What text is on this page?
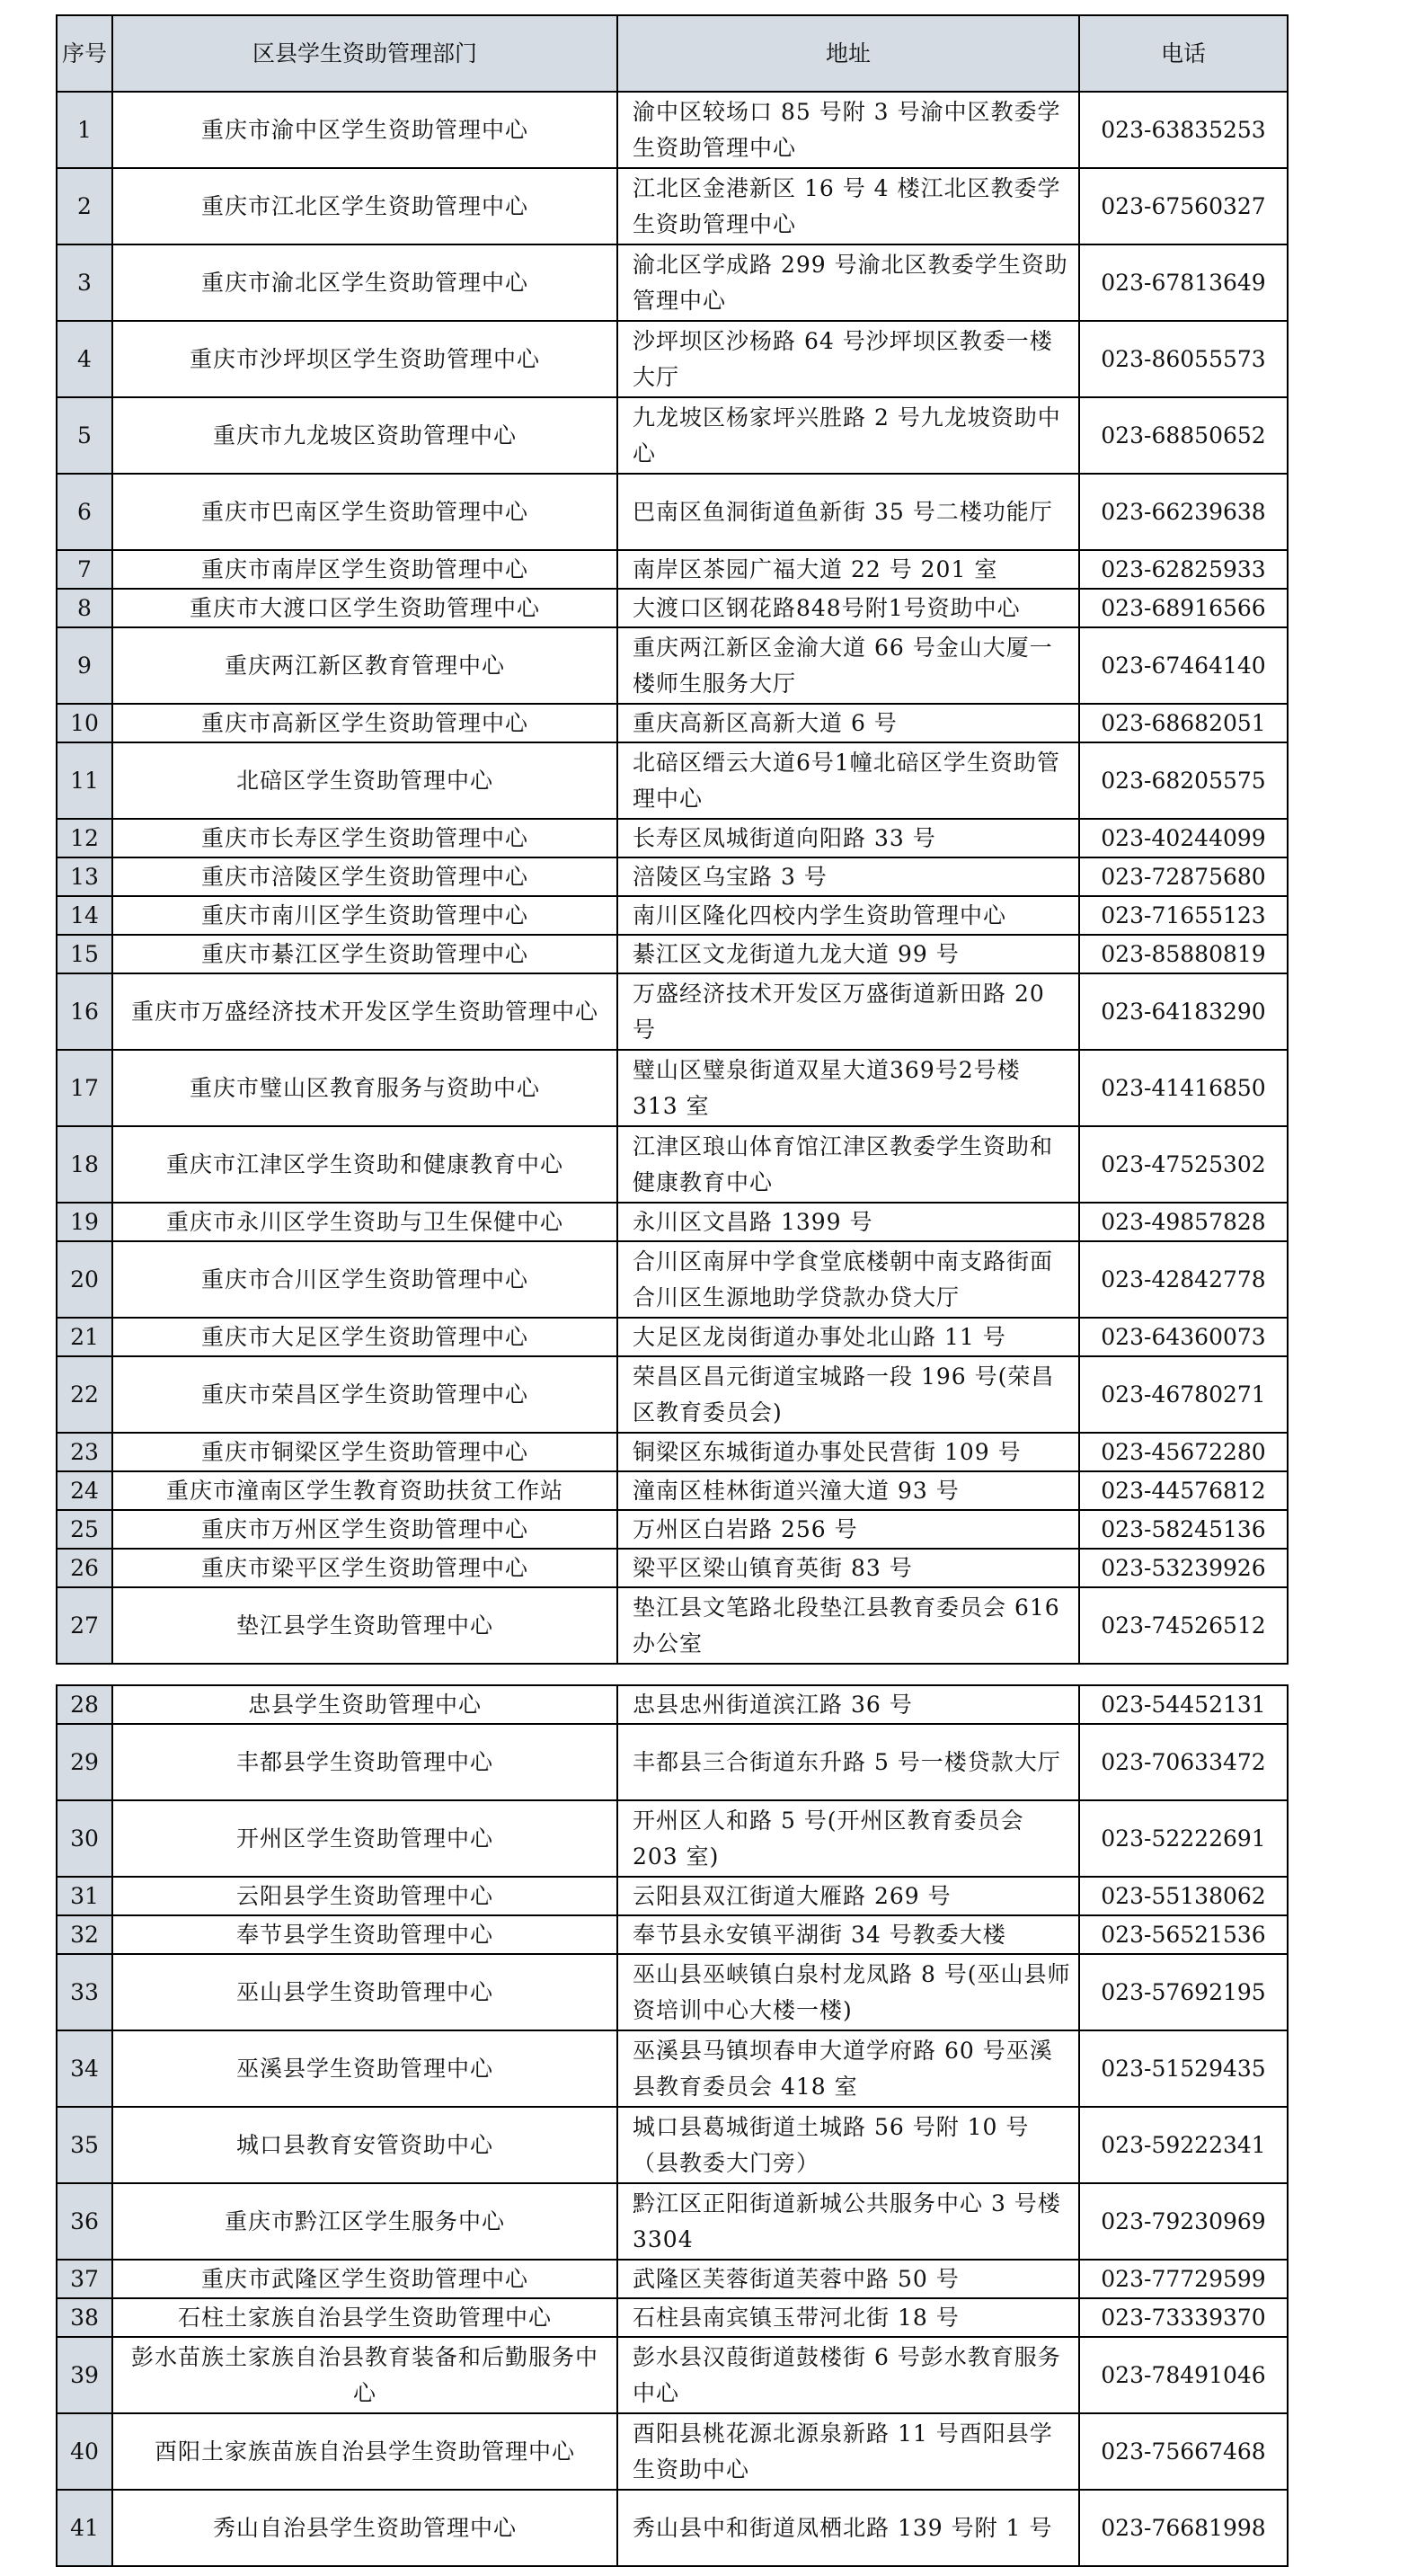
序号	区县学生资助管理部门	地址	电话
1	重庆市渝中区学生资助管理中心	渝中区较场口 85 号附 3 号渝中区教委学生资助管理中心	023-63835253
2	重庆市江北区学生资助管理中心	江北区金港新区 16 号 4 楼江北区教委学生资助管理中心	023-67560327
3	重庆市渝北区学生资助管理中心	渝北区学成路 299 号渝北区教委学生资助管理中心	023-67813649
4	重庆市沙坪坝区学生资助管理中心	沙坪坝区沙杨路 64 号沙坪坝区教委一楼大厅	023-86055573
5	重庆市九龙坡区资助管理中心	九龙坡区杨家坪兴胜路 2 号九龙坡资助中心	023-68850652
6	重庆市巴南区学生资助管理中心	巴南区鱼洞街道鱼新街 35 号二楼功能厅	023-66239638
7	重庆市南岸区学生资助管理中心	南岸区茶园广福大道 22 号 201 室	023-62825933
8	重庆市大渡口区学生资助管理中心	大渡口区钢花路848号附1号资助中心	023-68916566
9	重庆两江新区教育管理中心	重庆两江新区金渝大道 66 号金山大厦一楼师生服务大厅	023-67464140
10	重庆市高新区学生资助管理中心	重庆高新区高新大道 6 号	023-68682051
11	北碚区学生资助管理中心	北碚区缙云大道6号1幢北碚区学生资助管理中心	023-68205575
12	重庆市长寿区学生资助管理中心	长寿区凤城街道向阳路 33 号	023-40244099
13	重庆市涪陵区学生资助管理中心	涪陵区乌宝路 3 号	023-72875680
14	重庆市南川区学生资助管理中心	南川区隆化四校内学生资助管理中心	023-71655123
15	重庆市綦江区学生资助管理中心	綦江区文龙街道九龙大道 99 号	023-85880819
16	重庆市万盛经济技术开发区学生资助管理中心	万盛经济技术开发区万盛街道新田路 20 号	023-64183290
17	重庆市璧山区教育服务与资助中心	璧山区璧泉街道双星大道369号2号楼 313 室	023-41416850
18	重庆市江津区学生资助和健康教育中心	江津区琅山体育馆江津区教委学生资助和健康教育中心	023-47525302
19	重庆市永川区学生资助与卫生保健中心	永川区文昌路 1399 号	023-49857828
20	重庆市合川区学生资助管理中心	合川区南屏中学食堂底楼朝中南支路街面合川区生源地助学贷款办贷大厅	023-42842778
21	重庆市大足区学生资助管理中心	大足区龙岗街道办事处北山路 11 号	023-64360073
22	重庆市荣昌区学生资助管理中心	荣昌区昌元街道宝城路一段 196 号(荣昌区教育委员会)	023-46780271
23	重庆市铜梁区学生资助管理中心	铜梁区东城街道办事处民营街 109 号	023-45672280
24	重庆市潼南区学生教育资助扶贫工作站	潼南区桂林街道兴潼大道 93 号	023-44576812
25	重庆市万州区学生资助管理中心	万州区白岩路 256 号	023-58245136
26	重庆市梁平区学生资助管理中心	梁平区梁山镇育英街 83 号	023-53239926
27	垫江县学生资助管理中心	垫江县文笔路北段垫江县教育委员会 616 办公室	023-74526512
28	忠县学生资助管理中心	忠县忠州街道滨江路 36 号	023-54452131
29	丰都县学生资助管理中心	丰都县三合街道东升路 5 号一楼贷款大厅	023-70633472
30	开州区学生资助管理中心	开州区人和路 5 号(开州区教育委员会 203 室)	023-52222691
31	云阳县学生资助管理中心	云阳县双江街道大雁路 269 号	023-55138062
32	奉节县学生资助管理中心	奉节县永安镇平湖街 34 号教委大楼	023-56521536
33	巫山县学生资助管理中心	巫山县巫峡镇白泉村龙凤路 8 号(巫山县师资培训中心大楼一楼)	023-57692195
34	巫溪县学生资助管理中心	巫溪县马镇坝春申大道学府路 60 号巫溪县教育委员会 418 室	023-51529435
35	城口县教育安管资助中心	城口县葛城街道土城路 56 号附 10 号（县教委大门旁）	023-59222341
36	重庆市黔江区学生服务中心	黔江区正阳街道新城公共服务中心 3 号楼 3304	023-79230969
37	重庆市武隆区学生资助管理中心	武隆区芙蓉街道芙蓉中路 50 号	023-77729599
38	石柱土家族自治县学生资助管理中心	石柱县南宾镇玉带河北街 18 号	023-73339370
39	彭水苗族土家族自治县教育装备和后勤服务中心	彭水县汉葭街道鼓楼街 6 号彭水教育服务中心	023-78491046
40	酉阳土家族苗族自治县学生资助管理中心	酉阳县桃花源北源泉新路 11 号酉阳县学生资助中心	023-75667468
41	秀山自治县学生资助管理中心	秀山县中和街道凤栖北路 139 号附 1 号	023-76681998
